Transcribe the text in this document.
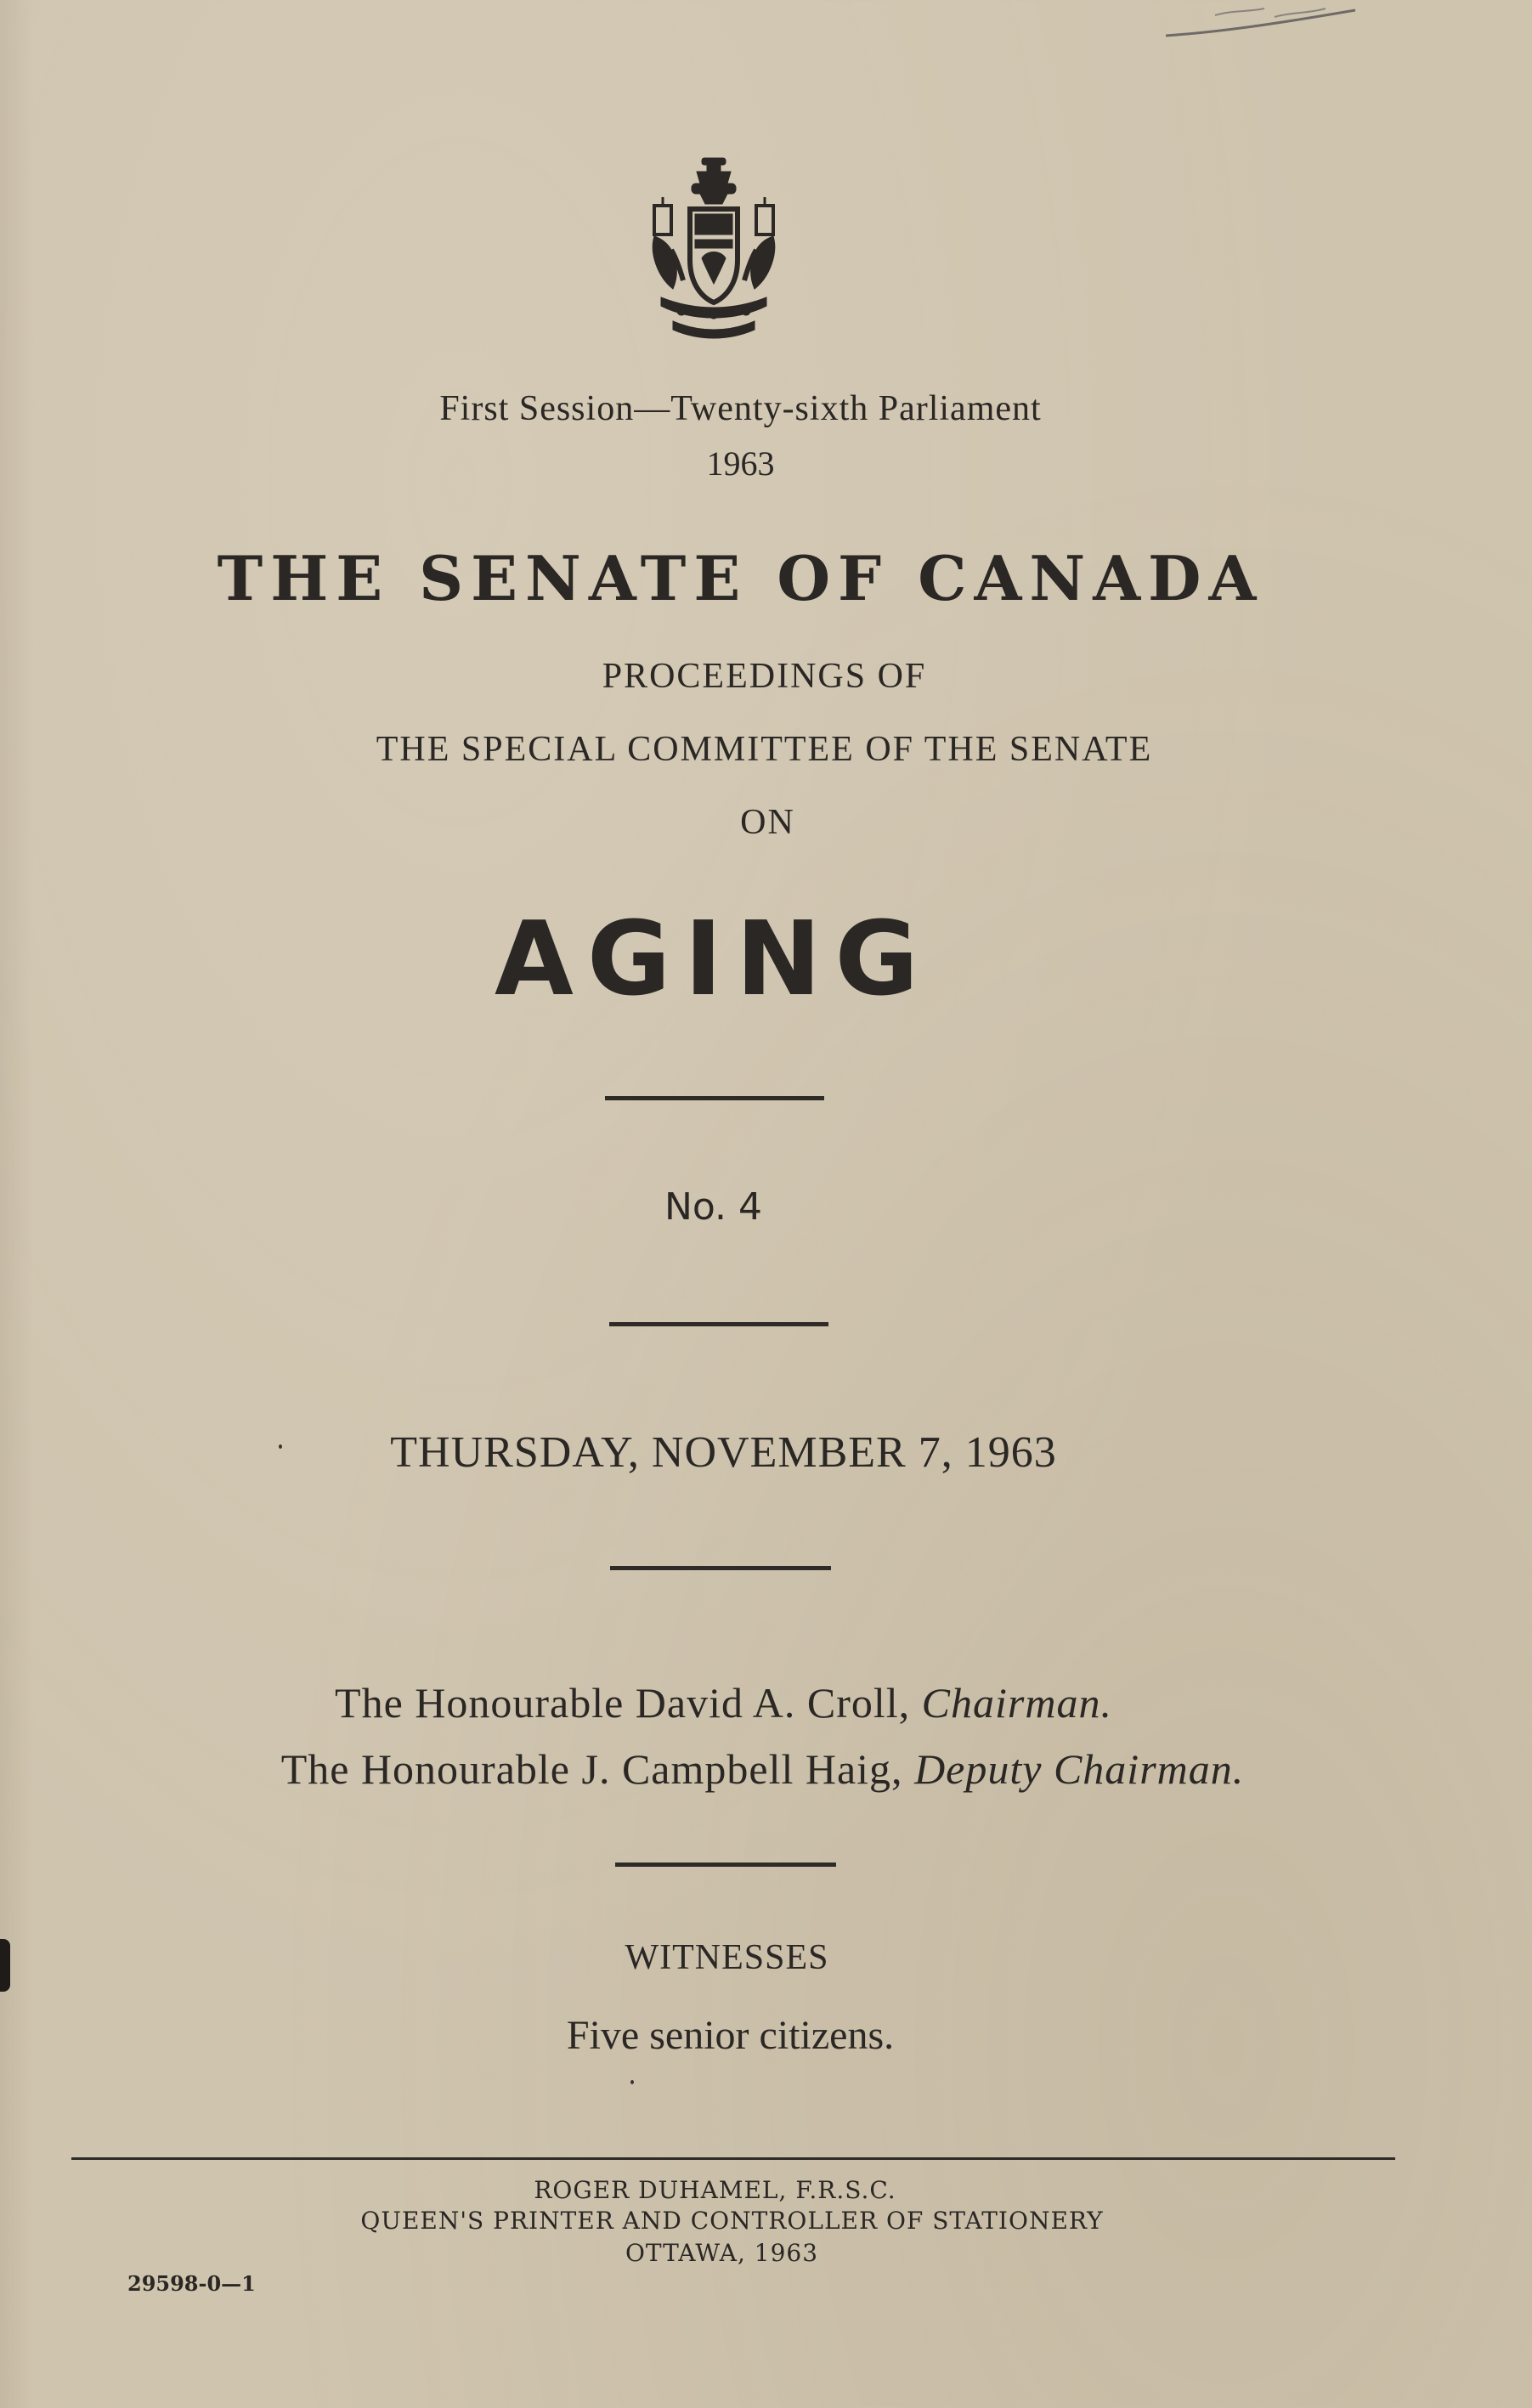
First Session—Twenty-sixth Parliament
1963
THE SENATE OF CANADA
PROCEEDINGS OF
THE SPECIAL COMMITTEE OF THE SENATE
ON
AGING
No. 4
THURSDAY, NOVEMBER 7, 1963
The Honourable David A. Croll, Chairman.
The Honourable J. Campbell Haig, Deputy Chairman.
WITNESSES
Five senior citizens.
ROGER DUHAMEL, F.R.S.C.
QUEEN'S PRINTER AND CONTROLLER OF STATIONERY
OTTAWA, 1963
29598-0—1
